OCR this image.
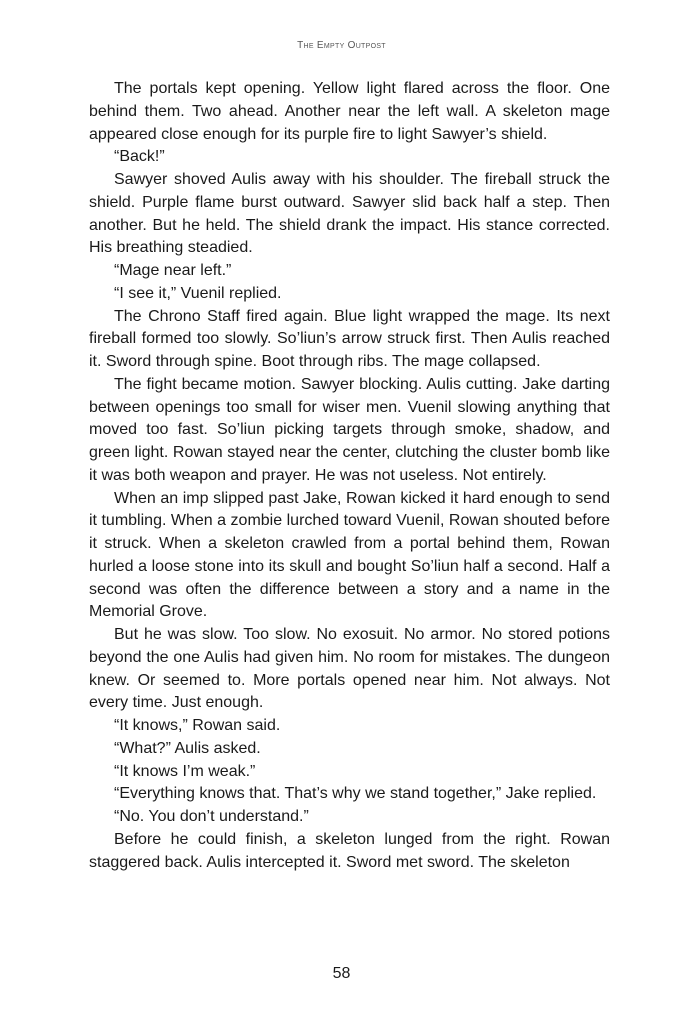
The Empty Outpost

The portals kept opening. Yellow light flared across the floor. One behind them. Two ahead. Another near the left wall. A skeleton mage appeared close enough for its purple fire to light Sawyer’s shield.

“Back!”

Sawyer shoved Aulis away with his shoulder. The fireball struck the shield. Purple flame burst outward. Sawyer slid back half a step. Then another. But he held. The shield drank the impact. His stance corrected. His breathing steadied.

“Mage near left.”

“I see it,” Vuenil replied.

The Chrono Staff fired again. Blue light wrapped the mage. Its next fireball formed too slowly. So’liun’s arrow struck first. Then Aulis reached it. Sword through spine. Boot through ribs. The mage collapsed.

The fight became motion. Sawyer blocking. Aulis cutting. Jake darting between openings too small for wiser men. Vuenil slowing anything that moved too fast. So’liun picking targets through smoke, shadow, and green light. Rowan stayed near the center, clutching the cluster bomb like it was both weapon and prayer. He was not useless. Not entirely.

When an imp slipped past Jake, Rowan kicked it hard enough to send it tumbling. When a zombie lurched toward Vuenil, Rowan shouted before it struck. When a skeleton crawled from a portal behind them, Rowan hurled a loose stone into its skull and bought So’liun half a second. Half a second was often the difference between a story and a name in the Memorial Grove.

But he was slow. Too slow. No exosuit. No armor. No stored potions beyond the one Aulis had given him. No room for mistakes. The dungeon knew. Or seemed to. More portals opened near him. Not always. Not every time. Just enough.

“It knows,” Rowan said.

“What?” Aulis asked.

“It knows I’m weak.”

“Everything knows that. That’s why we stand together,” Jake replied.

“No. You don’t understand.”

Before he could finish, a skeleton lunged from the right. Rowan staggered back. Aulis intercepted it. Sword met sword. The skeleton

58
